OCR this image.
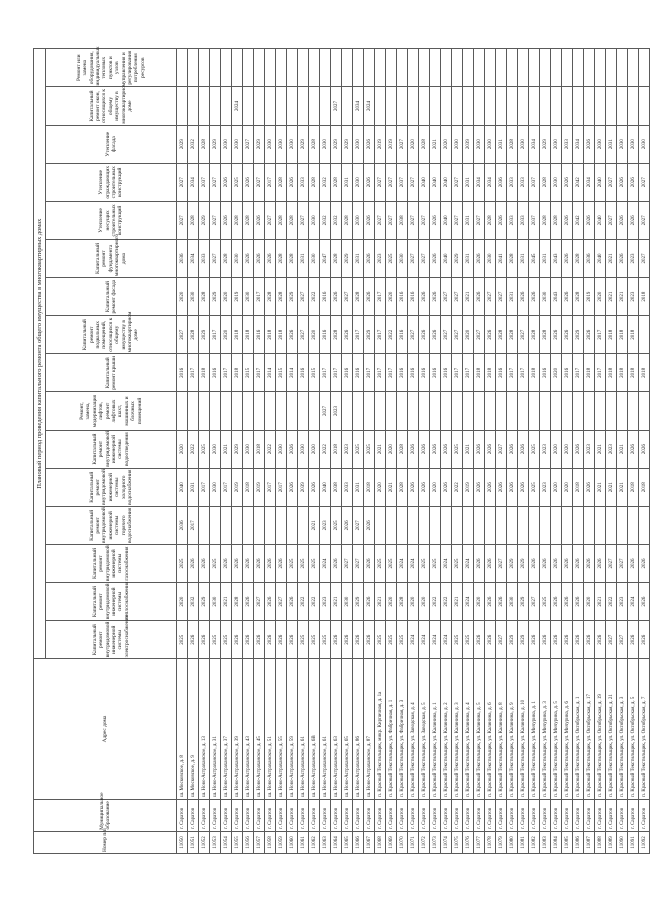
Номер п/п	Муниципальное образование	Адрес дома	Плановый период проведения капитального ремонта общего имущества в многоквартирных домах															
			Капитальный ремонт внутридомовой инженерной системы электроснабжения	Капитальный ремонт внутридомовой инженерной системы теплоснабжения	Капитальный ремонт внутридомовой инженерной системы газоснабжения	Капитальный ремонт внутридомовой инженерной системы горячего водоснабжения	Капитальный ремонт внутридомовой инженерной системы холодного водоснабжения	Капитальный ремонт внутридомовой инженерной системы водоотведения	Ремонт, замена, модернизация лифтов, ремонт лифтовых шахт, машинных и блочных помещений	Капитальный ремонт крыши	Капитальный ремонт подвальных помещений, относящихся к общему имуществу в многоквартирном доме	Капитальный ремонт фасада	Капитальный ремонт фундамента многоквартирного дома	Утепление несущих строительных конструкций	Утепление ограждающих строительных конструкций	Утепление фасада	Капитальный ремонт окон, относящихся к общему имуществу в многоквартирном доме	Ремонт или замена оборудования, индивидуальных тепловых пунктов и узлов управления и регулирования потребления ресурсов
11050	г. Саратов	ш. Московское, д. 8	2025	2020	2025	2036	2040	2020		2016	2027	2020	2036	2027	2027	2029		
11051	г. Саратов	ш. Московское, д. 9	2026	2032	2026	2017	2031	2022		2017	2028	2030	2034	2028	2034	2032		
11052	г. Саратов	ш. Ново-Астраханское, д. 13	2026	2029	2026		2017	2025		2018	2029	2028	2033	2029	2037	2028		
11053	г. Саратов	ш. Ново-Астраханское, д. 31	2025	2030	2025		2030	2030		2016	2017	2029	2027	2027	2027	2029		
11054	г. Саратов	ш. Ново-Астраханское, д. 37	2025	2021	2026		2017	2021		2017	2020	2020	2028	2026	2026	2030		
11055	г. Саратов	ш. Ново-Астраханское, д. 39	2026	2028	2026		2019	2029		2018	2018	2019	2030	2028	2025	2030	2024	
11056	г. Саратов	ш. Ново-Астраханское, д. 43	2026	2026	2026		2018	2030		2015	2018	2030	2026	2028	2026	2027		
11057	г. Саратов	ш. Ново-Астраханское, д. 45	2026	2027	2026		2019	2018		2017	2016	2017	2026	2026	2027	2029		
11058	г. Саратов	ш. Ново-Астраханское, д. 51	2026	2026	2026		2017	2022		2014	2018	2028	2026	2027	2017	2030		
11059	г. Саратов	ш. Ново-Астраханское, д. 55	2026	2027	2026		2017	2030		2015	2018	2028	2028	2028	2028	2030		
11060	г. Саратов	ш. Ново-Астраханское, д. 59	2026	2026	2025		2026	2026		2014	2026	2029	2028	2028	2026	2030		
11061	г. Саратов	ш. Ново-Астраханское, д. 61	2025	2022	2025		2039	2030		2016	2027	2027	2031	2027	2033	2029		
11062	г. Саратов	ш. Ново-Астраханское, д. 6В	2025	2022	2025	2021	2026	2020		2015	2020	2022	2030	2030	2028	2028		
11063	г. Саратов	ш. Ново-Астраханское, д. 61	2025	2023	2024	2023	2040	2022	2027	2017	2016	2016	2047	2032	2032	2030		
11064	г. Саратов	ш. Ново-Астраханское, д. 63	2026	2021	2026	2025	2038	2018	2023	2017	2028	2026	2028	2032	2028	2029	2027	
11065	г. Саратов	ш. Ново-Астраханское, д. 65	2026	2030	2027	2026	2033	2023		2016	2026	2027	2029	2028	2031	2029		
11066	г. Саратов	ш. Ново-Астраханское, д. 86	2026	2029	2027	2027	2031	2025		2016	2017	2028	2031	2030	2030	2030	2034	
11067	г. Саратов	ш. Ново-Астраханское, д. 87	2026	2026	2026	2026	2018	2025		2017	2029	2026	2026	2026	2026	2026	2024	
11068	г. Саратов	п. Красный Текстильщик, микр. Кирпичная, д. 1а	2025	2021	2025		2020	2021		2017	2017	2017	2023	2027	2027	2019		
11069	г. Саратов	п. Красный Текстильщик, ул. Фабричная, д. 1	2025	2020	2025		2021	2020		2017	2022	2020	2025	2027	2027	2019		
11070	г. Саратов	п. Красный Текстильщик, ул. Фабричная, д. 3	2025	2028	2024		2028	2028		2016	2016	2016	2030	2038	2037	2027		
11071	г. Саратов	п. Красный Текстильщик, ул. Заводская, д. 4	2024	2020	2024		2026	2026		2016	2027	2016	2027	2027	2027	2020		
11072	г. Саратов	п. Красный Текстильщик, ул. Заводская, д. 5	2024	2020	2025		2026	2026		2016	2026	2026	2027	2027	2040	2028		
11073	г. Саратов	п. Красный Текстильщик, ул. Калинина, д. 1	2024	2022	2025		2020	2026		2016	2026	2026	2026	2026	2040	2021		
11074	г. Саратов	п. Красный Текстильщик, ул. Калинина, д. 2	2024	2022	2024		2026	2026		2016	2027	2027	2040	2040	2040	2020		
11075	г. Саратов	п. Красный Текстильщик, ул. Калинина, д. 3	2025	2021	2025		2022	2025		2017	2027	2027	2029	2027	2027	2030		
11076	г. Саратов	п. Красный Текстильщик, ул. Калинина, д. 4	2025	2024	2024		2019	2021		2017	2020	2021	2031	2031	2031	2039		
11077	г. Саратов	п. Красный Текстильщик, ул. Калинина, д. 5	2026	2020	2026		2026	2026		2018	2027	2026	2026	2027	2034	2030		
11078	г. Саратов	п. Красный Текстильщик, ул. Калинина, д. 6	2026	2026	2026		2026	2026		2018	2026	2027	2030	2028	2034	2030		
11079	г. Саратов	п. Красный Текстильщик, ул. Калинина, д. 8	2027	2026	2027		2026	2027		2016	2028	2027	2041	2026	2036	2031		
11080	г. Саратов	п. Красный Текстильщик, ул. Калинина, д. 9	2029	2030	2029		2026	2026		2017	2028	2031	2028	2033	2033	2028		
11081	г. Саратов	п. Красный Текстильщик, ул. Калинина, д. 10	2029	2029	2029		2026	2026		2017	2027	2026	2031	2033	2033	2030		
11082	г. Саратов	п. Красный Текстильщик, ул. Мичурина, д. 1	2026	2027	2026		2025	2025		2018	2028	2026	2045	2037	2037	2034		
11083	г. Саратов	п. Красный Текстильщик, ул. Мичурина, д. 3	2026	2025	2026		2023	2023		2016	2028	2030	2031	2028	2028	2029		
11084	г. Саратов	п. Красный Текстильщик, ул. Мичурина, д. 5	2026	2026	2026		2020	2020		2020	2026	2043	2043	2028	2030	2030		
11085	г. Саратов	п. Красный Текстильщик, ул. Мичурина, д. 6	2026	2026	2026		2020	2020		2016	2026	2026	2026	2026	2026	2033		
11086	г. Саратов	п. Красный Текстильщик, ул. Октябрьская, д. 1	2026	2026	2026		2018	2026		2017	2029	2028	2028	2042	2042	2034		
11087	г. Саратов	п. Красный Текстильщик, ул. Октябрьская, д. 17	2026	2020	2026		2026	2023		2018	2026	2019	2036	2026	2034	2026		
11088	г. Саратов	п. Красный Текстильщик, ул. Октябрьская, д. 19	2026	2021	2026		2021	2021		2017	2017	2020	2040	2040	2040	2030		
11089	г. Саратов	п. Красный Текстильщик, ул. Октябрьская, д. 21	2027	2022	2027		2021	2023		2018	2018	2021	2021	2027	2027	2031		
11090	г. Саратов	п. Красный Текстильщик, ул. Октябрьская, д. 3	2027	2023	2027		2021	2021		2018	2018	2021	2026	2026	2026	2030		
11091	г. Саратов	п. Красный Текстильщик, ул. Октябрьская, д. 5	2026	2024	2026		2018	2026		2018	2018	2023	2023	2026	2026	2030		
11092	г. Саратов	п. Красный Текстильщик, ул. Октябрьская, д. 7	2026	2026	2026		2018	2026		2018		2018	2027	2027	2027	2030		
